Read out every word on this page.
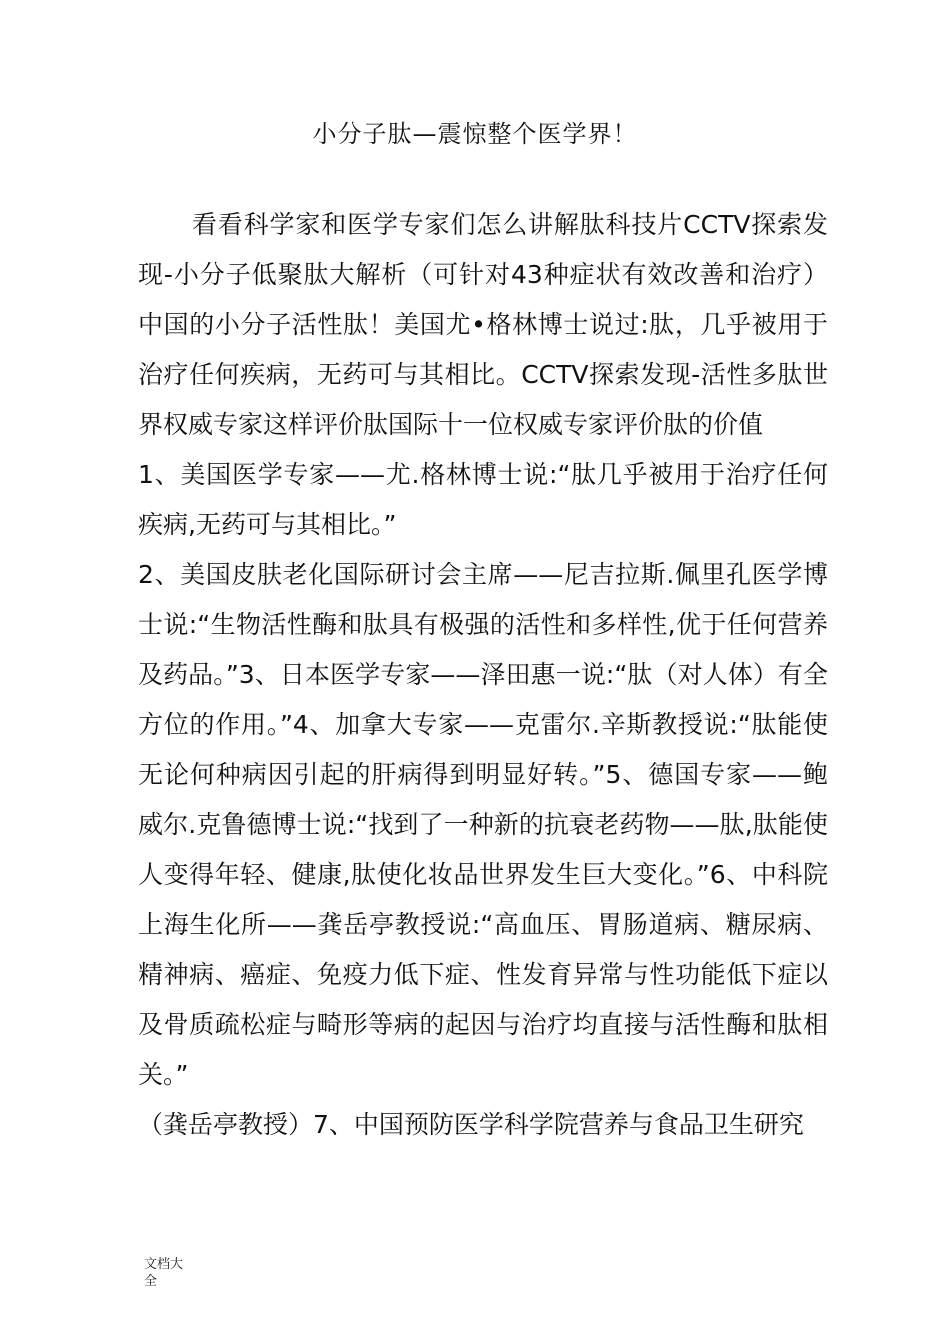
小分子肽—震惊整个医学界！

看看科学家和医学专家们怎么讲解肽科技片CCTV探索发现-小分子低聚肽大解析（可针对43种症状有效改善和治疗）中国的小分子活性肽！美国尤•格林博士说过:肽，几乎被用于治疗任何疾病，无药可与其相比。CCTV探索发现-活性多肽世界权威专家这样评价肽国际十一位权威专家评价肽的价值

1、美国医学专家——尤.格林博士说:“肽几乎被用于治疗任何疾病,无药可与其相比。”

2、美国皮肤老化国际研讨会主席——尼吉拉斯.佩里孔医学博士说:“生物活性酶和肽具有极强的活性和多样性,优于任何营养及药品。”3、日本医学专家——泽田惠一说:“肽（对人体）有全方位的作用。”4、加拿大专家——克雷尔.辛斯教授说:“肽能使无论何种病因引起的肝病得到明显好转。”5、德国专家——鲍威尔.克鲁德博士说:“找到了一种新的抗衰老药物——肽,肽能使人变得年轻、健康,肽使化妆品世界发生巨大变化。”6、中科院上海生化所——龚岳亭教授说:“高血压、胃肠道病、糖尿病、精神病、癌症、免疫力低下症、性发育异常与性功能低下症以及骨质疏松症与畸形等病的起因与治疗均直接与活性酶和肽相关。”

（龚岳亭教授）7、中国预防医学科学院营养与食品卫生研究

文档大全
